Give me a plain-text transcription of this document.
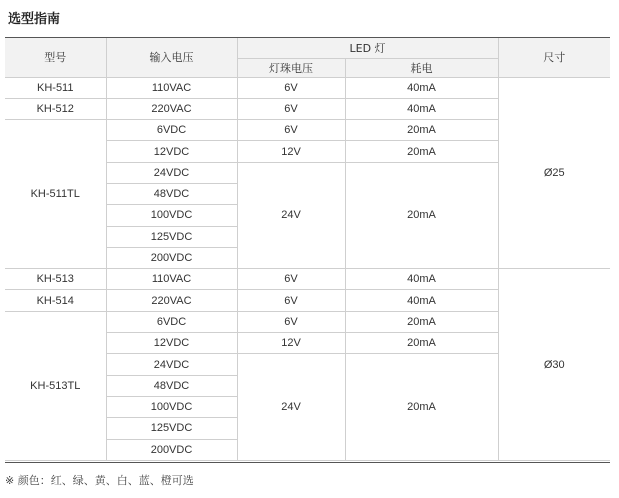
选型指南
型号	输入电压	LED 灯		尺寸
		灯珠电压	耗电	
KH-511	110VAC	6V	40mA	Ø25
KH-512	220VAC	6V	40mA	
KH-511TL	6VDC	6V	20mA	
	12VDC	12V	20mA	
	24VDC	24V	20mA	
	48VDC			
	100VDC			
	125VDC			
	200VDC			
KH-513	110VAC	6V	40mA	Ø30
KH-514	220VAC	6V	40mA	
KH-513TL	6VDC	6V	20mA	
	12VDC	12V	20mA	
	24VDC	24V	20mA	
	48VDC			
	100VDC			
	125VDC			
	200VDC			
※ 颜色：红、绿、黄、白、蓝、橙可选
